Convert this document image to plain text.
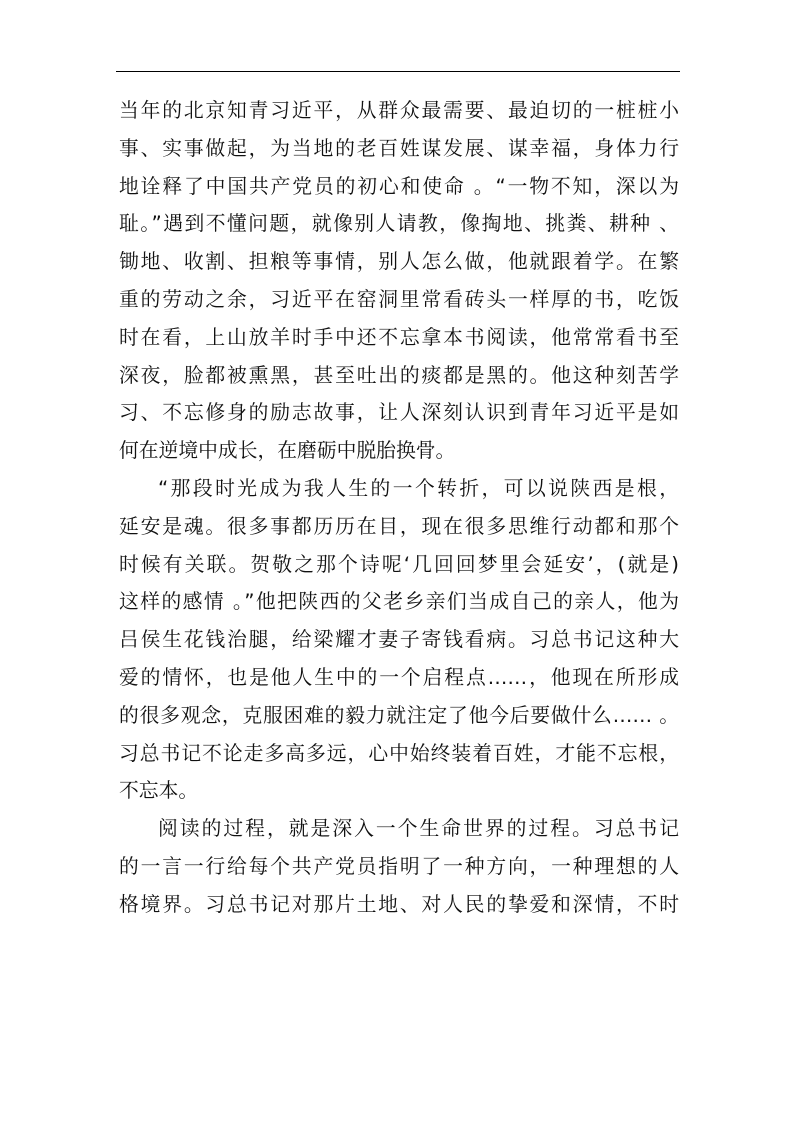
当年的北京知青习近平，从群众最需要、最迫切的一桩桩小
事、实事做起，为当地的老百姓谋发展、谋幸福，身体力行
地诠释了中国共产党员的初心和使命 。“一物不知，深以为
耻。”遇到不懂问题，就像别人请教，像掏地、挑粪、耕种 、
锄地、收割、担粮等事情，别人怎么做，他就跟着学。在繁
重的劳动之余，习近平在窑洞里常看砖头一样厚的书，吃饭
时在看，上山放羊时手中还不忘拿本书阅读，他常常看书至
深夜，脸都被熏黑，甚至吐出的痰都是黑的。他这种刻苦学
习、不忘修身的励志故事，让人深刻认识到青年习近平是如
何在逆境中成长，在磨砺中脱胎换骨。
“那段时光成为我人生的一个转折，可以说陕西是根，
延安是魂。很多事都历历在目，现在很多思维行动都和那个
时候有关联。贺敬之那个诗呢‘几回回梦里会延安’，(就是)
这样的感情 。”他把陕西的父老乡亲们当成自己的亲人，他为
吕侯生花钱治腿，给梁耀才妻子寄钱看病。习总书记这种大
爱的情怀，也是他人生中的一个启程点……，他现在所形成
的很多观念，克服困难的毅力就注定了他今后要做什么…… 。
习总书记不论走多高多远，心中始终装着百姓，才能不忘根，
不忘本。
阅读的过程，就是深入一个生命世界的过程。习总书记
的一言一行给每个共产党员指明了一种方向，一种理想的人
格境界。习总书记对那片土地、对人民的挚爱和深情，不时
